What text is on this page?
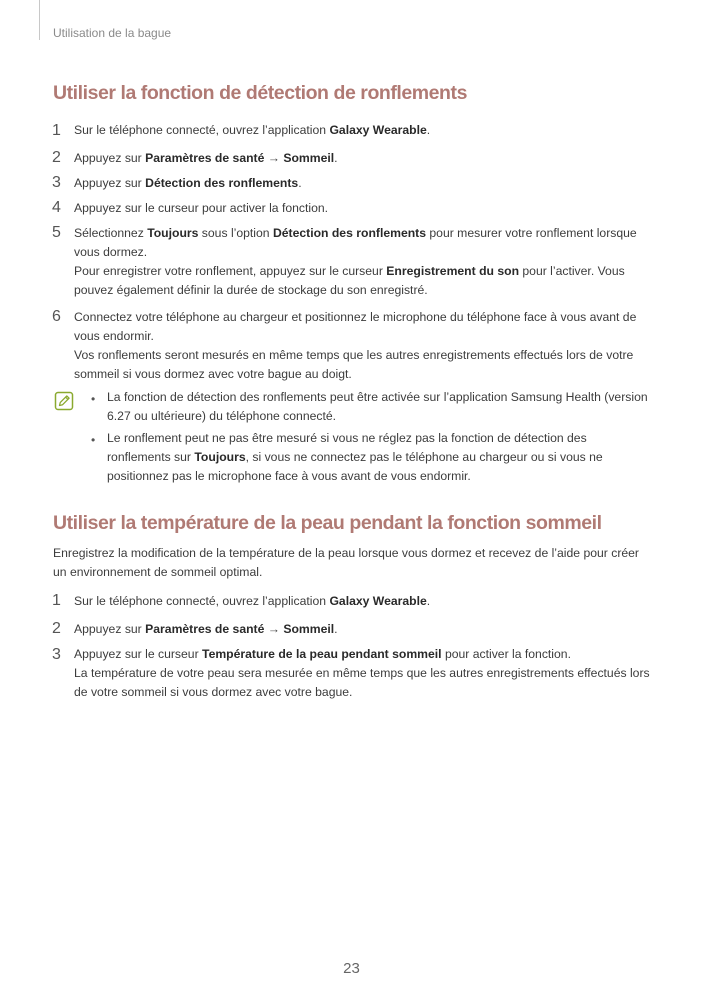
Utilisation de la bague
Utiliser la fonction de détection de ronflements
1 Sur le téléphone connecté, ouvrez l’application Galaxy Wearable.
2 Appuyez sur Paramètres de santé → Sommeil.
3 Appuyez sur Détection des ronflements.
4 Appuyez sur le curseur pour activer la fonction.
5 Sélectionnez Toujours sous l’option Détection des ronflements pour mesurer votre ronflement lorsque vous dormez.
Pour enregistrer votre ronflement, appuyez sur le curseur Enregistrement du son pour l’activer. Vous pouvez également définir la durée de stockage du son enregistré.
6 Connectez votre téléphone au chargeur et positionnez le microphone du téléphone face à vous avant de vous endormir.
Vos ronflements seront mesurés en même temps que les autres enregistrements effectués lors de votre sommeil si vous dormez avec votre bague au doigt.
• La fonction de détection des ronflements peut être activée sur l’application Samsung Health (version 6.27 ou ultérieure) du téléphone connecté.
• Le ronflement peut ne pas être mesuré si vous ne réglez pas la fonction de détection des ronflements sur Toujours, si vous ne connectez pas le téléphone au chargeur ou si vous ne positionnez pas le microphone face à vous avant de vous endormir.
Utiliser la température de la peau pendant la fonction sommeil
Enregistrez la modification de la température de la peau lorsque vous dormez et recevez de l’aide pour créer un environnement de sommeil optimal.
1 Sur le téléphone connecté, ouvrez l’application Galaxy Wearable.
2 Appuyez sur Paramètres de santé → Sommeil.
3 Appuyez sur le curseur Température de la peau pendant sommeil pour activer la fonction.
La température de votre peau sera mesurée en même temps que les autres enregistrements effectués lors de votre sommeil si vous dormez avec votre bague.
23
